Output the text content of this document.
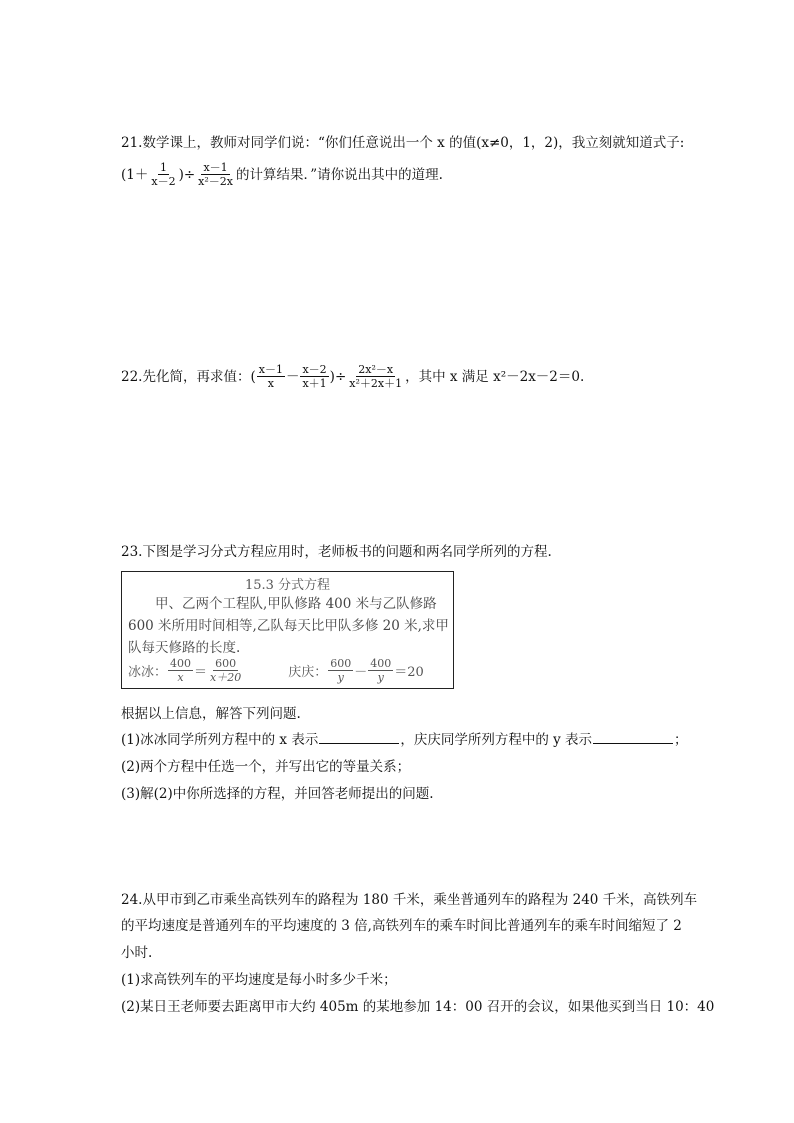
21.数学课上，教师对同学们说：“你们任意说出一个 x 的值(x≠0，1，2)，我立刻就知道式子:
($1+ \frac{1}{x-2}$ )÷ $\frac{x-1}{\text{x²－2x}}$ 的计算结果．”请你说出其中的道理.
22.先化简，再求值： ( $\frac{x-1}{x} - \frac{x-2}{x+1}$ )÷ $\frac{\text{2x²－x}}{\text{x²＋2x＋1}}$ ，其中 x 满足 x²－2x－2＝0.
23.下图是学习分式方程应用时，老师板书的问题和两名同学所列的方程.
15.3 分式方程
甲、乙两个工程队,甲队修路 400 米与乙队修路 600 米所用时间相等,乙队每天比甲队多修 20 米,求甲队每天修路的长度.
冰冰： $\frac{400}{x} = \frac{600}{x+20}$	庆庆： $\frac{600}{y} - \frac{400}{y} =20$
根据以上信息，解答下列问题.
(1)冰冰同学所列方程中的 x 表示	，庆庆同学所列方程中的 y 表示	；
(2)两个方程中任选一个，并写出它的等量关系；
(3)解(2)中你所选择的方程，并回答老师提出的问题.
24.从甲市到乙市乘坐高铁列车的路程为 180 千米，乘坐普通列车的路程为 240 千米，高铁列车
的平均速度是普通列车的平均速度的 3 倍,高铁列车的乘车时间比普通列车的乘车时间缩短了 2
小时.
(1)求高铁列车的平均速度是每小时多少千米；
(2)某日王老师要去距离甲市大约 405m 的某地参加 14：00 召开的会议，如果他买到当日 10：40
